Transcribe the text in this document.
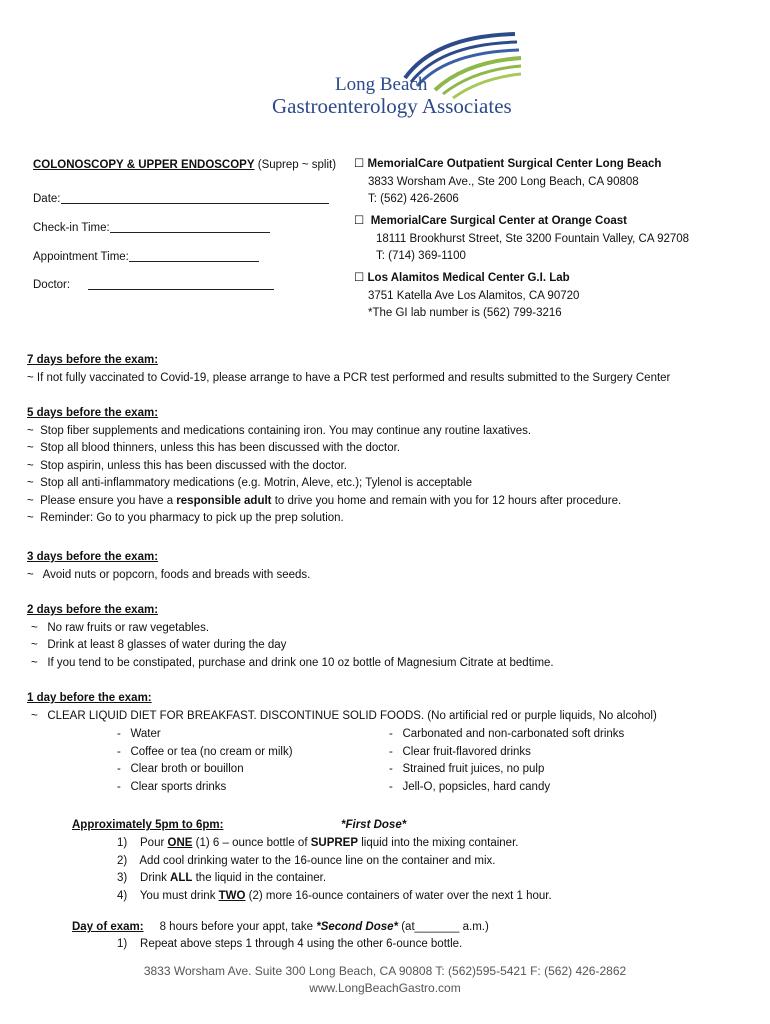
Long Beach
Gastroenterology Associates
COLONOSCOPY & UPPER ENDOSCOPY (Suprep ~ split)
Date:
Check-in Time:
Appointment Time:
Doctor:
☐ MemorialCare Outpatient Surgical Center Long Beach
3833 Worsham Ave., Ste 200 Long Beach, CA 90808
T: (562) 426-2606
☐ MemorialCare Surgical Center at Orange Coast
18111 Brookhurst Street, Ste 3200 Fountain Valley, CA 92708
T: (714) 369-1100
☐ Los Alamitos Medical Center G.I. Lab
3751 Katella Ave Los Alamitos, CA 90720
*The GI lab number is (562) 799-3216
7 days before the exam:
~ If not fully vaccinated to Covid-19, please arrange to have a PCR test performed and results submitted to the Surgery Center
5 days before the exam:
~ Stop fiber supplements and medications containing iron. You may continue any routine laxatives.
~ Stop all blood thinners, unless this has been discussed with the doctor.
~ Stop aspirin, unless this has been discussed with the doctor.
~ Stop all anti-inflammatory medications (e.g. Motrin, Aleve, etc.); Tylenol is acceptable
~ Please ensure you have a responsible adult to drive you home and remain with you for 12 hours after procedure.
~ Reminder: Go to you pharmacy to pick up the prep solution.
3 days before the exam:
~ Avoid nuts or popcorn, foods and breads with seeds.
2 days before the exam:
~ No raw fruits or raw vegetables.
~ Drink at least 8 glasses of water during the day
~ If you tend to be constipated, purchase and drink one 10 oz bottle of Magnesium Citrate at bedtime.
1 day before the exam:
~ CLEAR LIQUID DIET FOR BREAKFAST. DISCONTINUE SOLID FOODS. (No artificial red or purple liquids, No alcohol)
- Water
- Coffee or tea (no cream or milk)
- Clear broth or bouillon
- Clear sports drinks
- Carbonated and non-carbonated soft drinks
- Clear fruit-flavored drinks
- Strained fruit juices, no pulp
- Jell-O, popsicles, hard candy
Approximately 5pm to 6pm:	*First Dose*
1) Pour ONE (1) 6 – ounce bottle of SUPREP liquid into the mixing container.
2) Add cool drinking water to the 16-ounce line on the container and mix.
3) Drink ALL the liquid in the container.
4) You must drink TWO (2) more 16-ounce containers of water over the next 1 hour.
Day of exam: 8 hours before your appt, take *Second Dose* (at_______ a.m.)
1) Repeat above steps 1 through 4 using the other 6-ounce bottle.
3833 Worsham Ave. Suite 300 Long Beach, CA 90808 T: (562)595-5421 F: (562) 426-2862
www.LongBeachGastro.com
